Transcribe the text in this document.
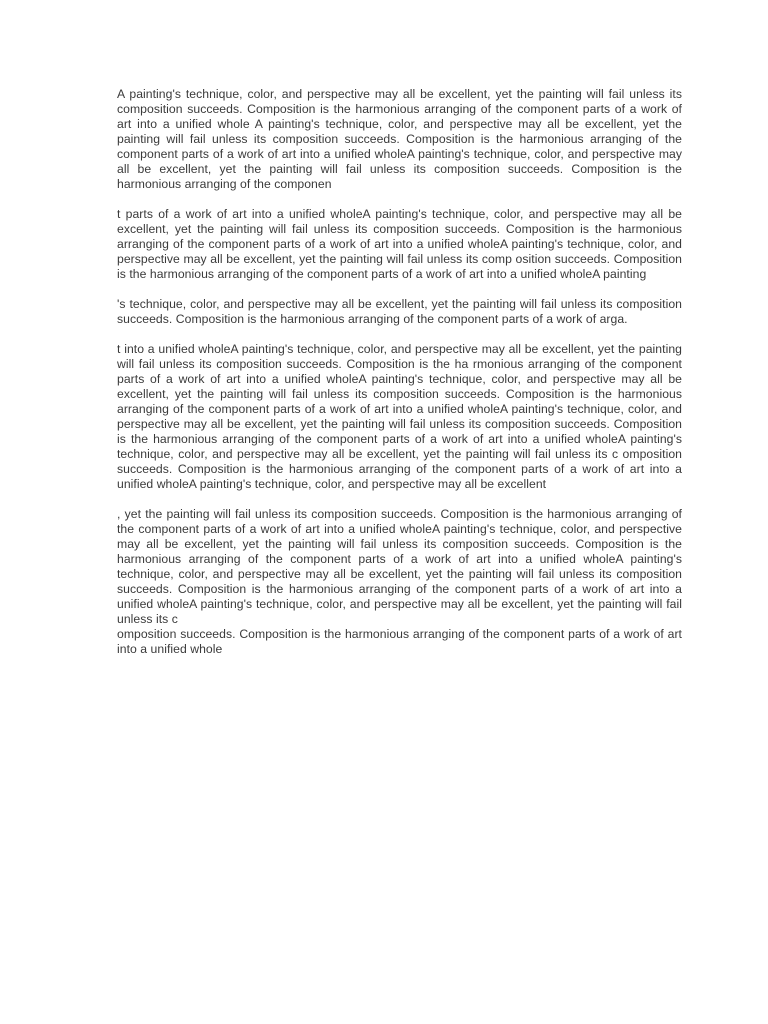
A painting's technique, color, and perspective may all be excellent, yet the painting will fail unless its composition succeeds. Composition is the harmonious arranging of the component parts of a work of art into a unified whole A painting's technique, color, and perspective may all be excellent, yet the painting will fail unless its composition succeeds. Composition is the harmonious arranging of the component parts of a work of art into a unified wholeA painting's technique, color, and perspective may all be excellent, yet the painting will fail unless its composition succeeds. Composition is the harmonious arranging of the componen

t parts of a work of art into a unified wholeA painting's technique, color, and perspective may all be excellent, yet the painting will fail unless its composition succeeds. Composition is the harmonious arranging of the component parts of a work of art into a unified wholeA painting's technique, color, and perspective may all be excellent, yet the painting will fail unless its comp osition succeeds. Composition is the harmonious arranging of the component parts of a work of art into a unified wholeA painting

's technique, color, and perspective may all be excellent, yet the painting will fail unless its composition succeeds. Composition is the harmonious arranging of the component parts of a work of arga.

t into a unified wholeA painting's technique, color, and perspective may all be excellent, yet the painting will fail unless its composition succeeds. Composition is the ha rmonious arranging of the component parts of a work of art into a unified wholeA painting's technique, color, and perspective may all be excellent, yet the painting will fail unless its composition succeeds. Composition is the harmonious arranging of the component parts of a work of art into a unified wholeA painting's technique, color, and perspective may all be excellent, yet the painting will fail unless its composition succeeds. Composition is the harmonious arranging of the component parts of a work of art into a unified wholeA painting's technique, color, and perspective may all be excellent, yet the painting will fail unless its c omposition succeeds. Composition is the harmonious arranging of the component parts of a work of art into a unified wholeA painting's technique, color, and perspective may all be excellent

, yet the painting will fail unless its composition succeeds. Composition is the harmonious arranging of the component parts of a work of art into a unified wholeA painting's technique, color, and perspective may all be excellent, yet the painting will fail unless its composition succeeds. Composition is the harmonious arranging of the component parts of a work of art into a unified wholeA painting's technique, color, and perspective may all be excellent, yet the painting will fail unless its composition succeeds. Composition is the harmonious arranging of the component parts of a work of art into a unified wholeA painting's technique, color, and perspective may all be excellent, yet the painting will fail unless its c

omposition succeeds. Composition is the harmonious arranging of the component parts of a work of art into a unified whole
